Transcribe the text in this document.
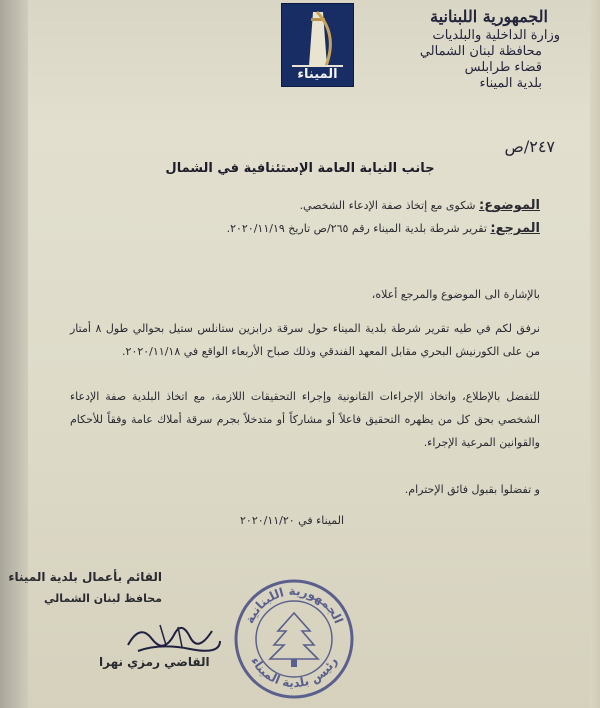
الميناء
الجمهورية اللبنانية
وزارة الداخلية والبلديات
محافظة لبنان الشمالي
قضاء طرابلس
بلدية الميناء
٢٤٧/ص
جانب النيابة العامة الإستئنافية في الشمال
الموضوع: شكوى مع إتخاذ صفة الإدعاء الشخصي.
المرجع: تقرير شرطة بلدية الميناء رقم ٢٦٥/ص تاريخ ٢٠٢٠/١١/١٩.
بالإشارة الى الموضوع والمرجع أعلاه،
نرفق لكم في طيه تقرير شرطة بلدية الميناء حول سرقة درابزين ستانلس ستيل بحوالي طول ٨ أمتار من على الكورنيش البحري مقابل المعهد الفندقي وذلك صباح الأربعاء الواقع في ٢٠٢٠/١١/١٨.
للتفضل بالإطلاع، واتخاذ الإجراءات القانونية وإجراء التحقيقات اللازمة، مع اتخاذ البلدية صفة الإدعاء الشخصي بحق كل من يظهره التحقيق فاعلاً أو مشاركاً أو متدخلاً بجرم سرقة أملاك عامة وفقاً للأحكام والقوانين المرعية الإجراء.
و تفضلوا بقبول فائق الإحترام.
الميناء في ٢٠٢٠/١١/٢٠
القائم بأعمال بلدية الميناء
محافظ لبنان الشمالي
القاضي رمزي نهرا
الجمهورية اللبنانية
رئيس بلدية الميناء
